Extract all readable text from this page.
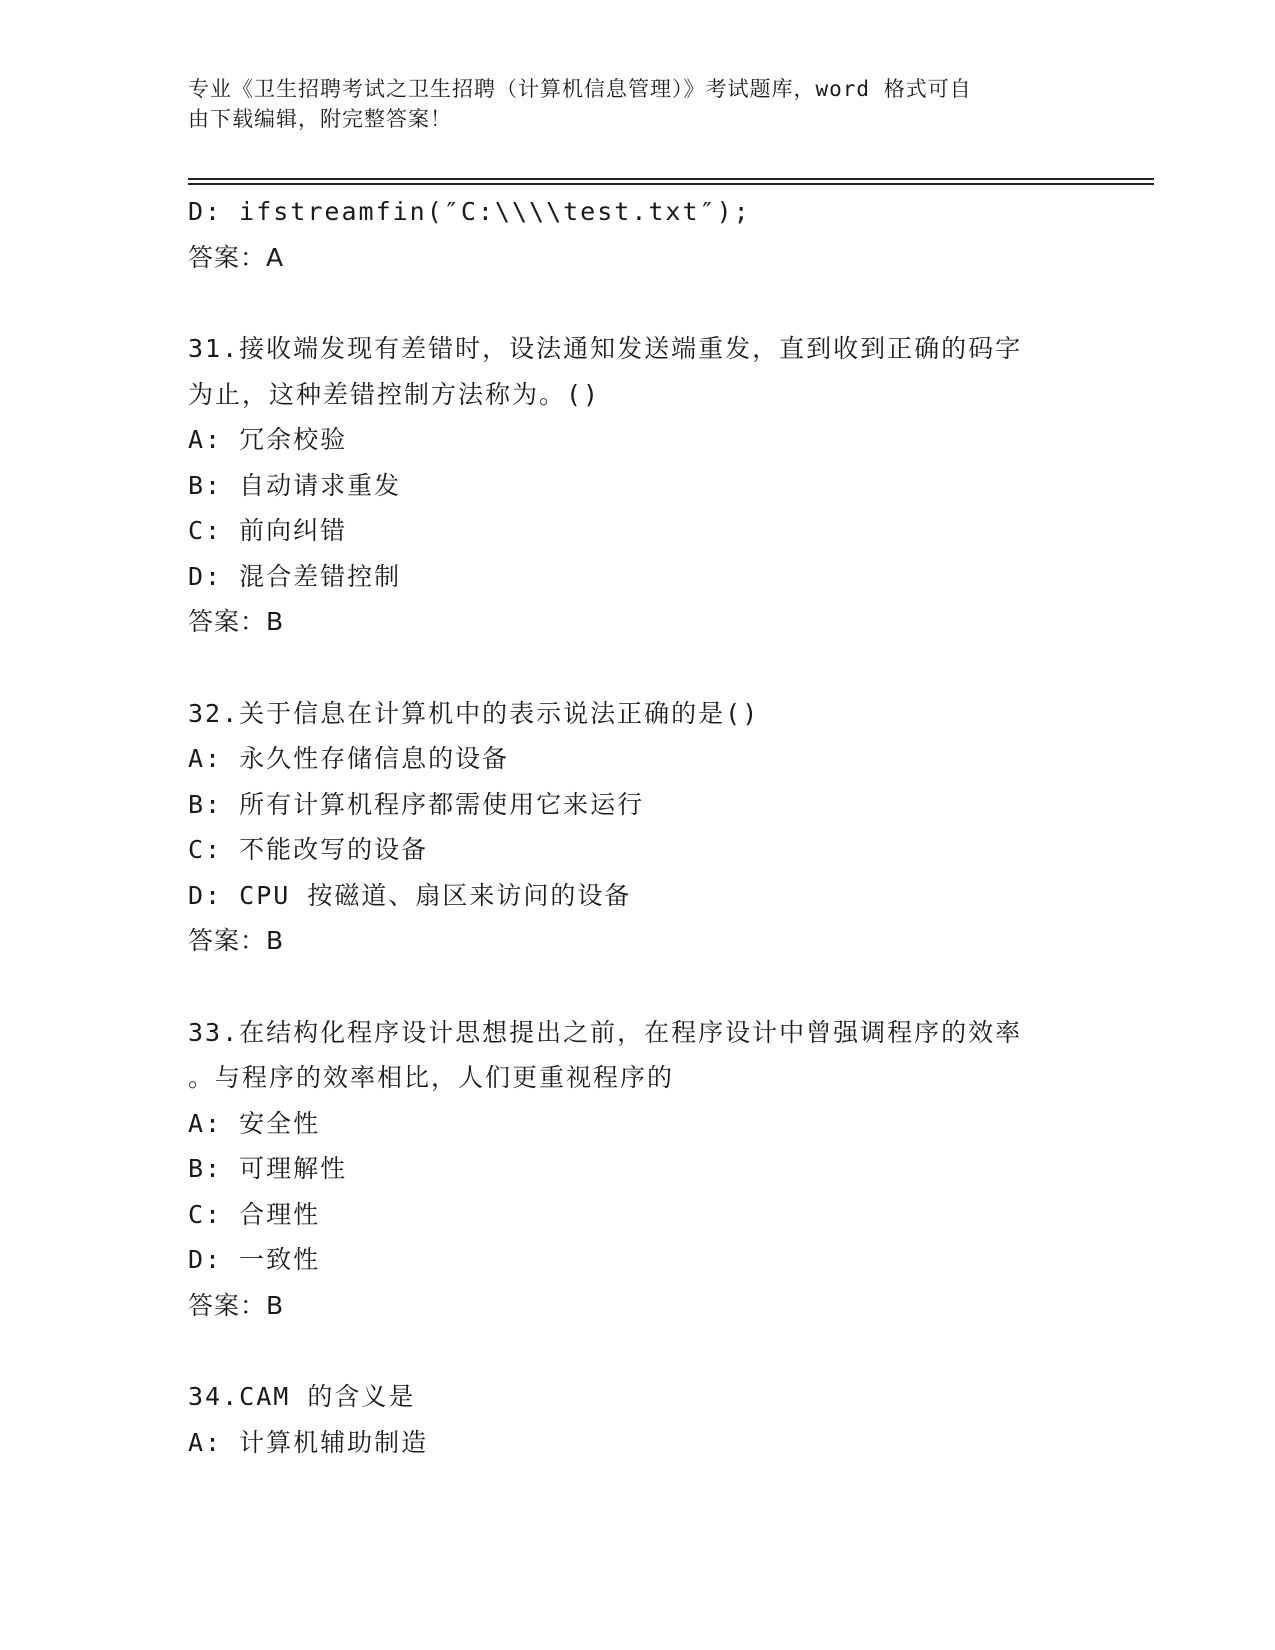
专业《卫生招聘考试之卫生招聘（计算机信息管理）》考试题库，word 格式可自
由下载编辑，附完整答案！
D: ifstreamfin(″C:\\\\test.txt″);
答案：A
31.接收端发现有差错时，设法通知发送端重发，直到收到正确的码字
为止，这种差错控制方法称为。()
A: 冗余校验
B: 自动请求重发
C: 前向纠错
D: 混合差错控制
答案：B
32.关于信息在计算机中的表示说法正确的是()
A: 永久性存储信息的设备
B: 所有计算机程序都需使用它来运行
C: 不能改写的设备
D: CPU 按磁道、扇区来访问的设备
答案：B
33.在结构化程序设计思想提出之前，在程序设计中曾强调程序的效率
。与程序的效率相比，人们更重视程序的
A: 安全性
B: 可理解性
C: 合理性
D: 一致性
答案：B
34.CAM 的含义是
A: 计算机辅助制造
